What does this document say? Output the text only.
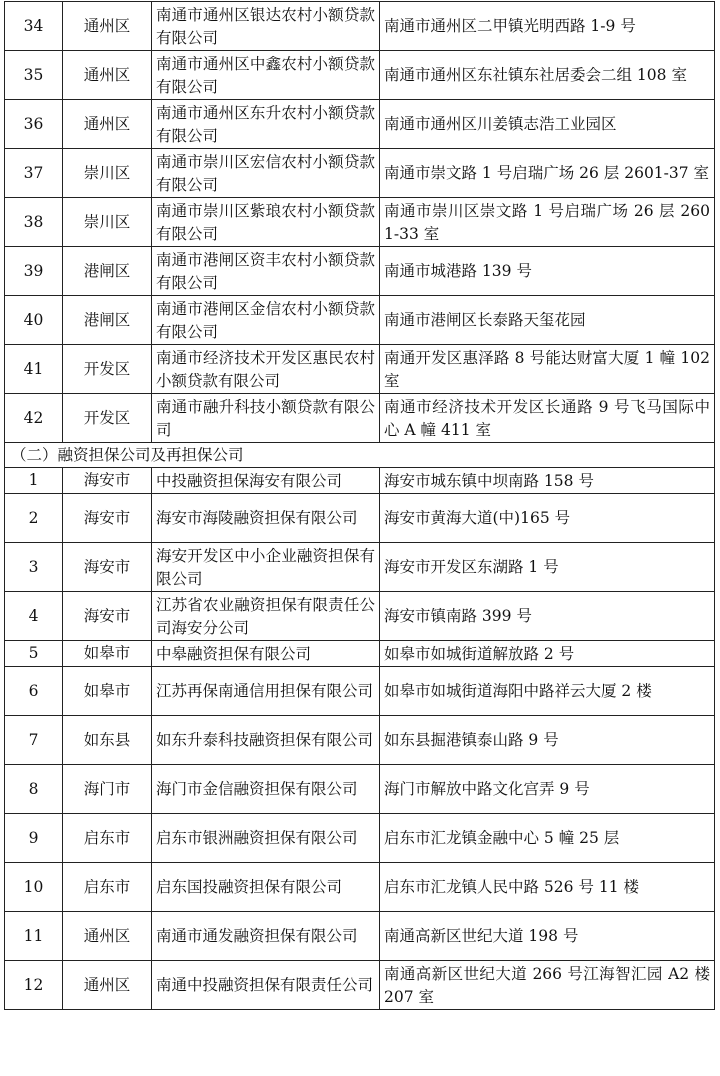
34	通州区	南通市通州区银达农村小额贷款有限公司	南通市通州区二甲镇光明西路 1-9 号
35	通州区	南通市通州区中鑫农村小额贷款有限公司	南通市通州区东社镇东社居委会二组 108 室
36	通州区	南通市通州区东升农村小额贷款有限公司	南通市通州区川姜镇志浩工业园区
37	崇川区	南通市崇川区宏信农村小额贷款有限公司	南通市崇文路 1 号启瑞广场 26 层 2601-37 室
38	崇川区	南通市崇川区紫琅农村小额贷款有限公司	南通市崇川区崇文路 1 号启瑞广场 26 层 2601-33 室
39	港闸区	南通市港闸区资丰农村小额贷款有限公司	南通市城港路 139 号
40	港闸区	南通市港闸区金信农村小额贷款有限公司	南通市港闸区长泰路天玺花园
41	开发区	南通市经济技术开发区惠民农村小额贷款有限公司	南通开发区惠泽路 8 号能达财富大厦 1 幢 102 室
42	开发区	南通市融升科技小额贷款有限公司	南通市经济技术开发区长通路 9 号飞马国际中心 A 幢 411 室
（二）融资担保公司及再担保公司			
1	海安市	中投融资担保海安有限公司	海安市城东镇中坝南路 158 号
2	海安市	海安市海陵融资担保有限公司	海安市黄海大道(中)165 号
3	海安市	海安开发区中小企业融资担保有限公司	海安市开发区东湖路 1 号
4	海安市	江苏省农业融资担保有限责任公司海安分公司	海安市镇南路 399 号
5	如皋市	中皋融资担保有限公司	如皋市如城街道解放路 2 号
6	如皋市	江苏再保南通信用担保有限公司	如皋市如城街道海阳中路祥云大厦 2 楼
7	如东县	如东升泰科技融资担保有限公司	如东县掘港镇泰山路 9 号
8	海门市	海门市金信融资担保有限公司	海门市解放中路文化宫弄 9 号
9	启东市	启东市银洲融资担保有限公司	启东市汇龙镇金融中心 5 幢 25 层
10	启东市	启东国投融资担保有限公司	启东市汇龙镇人民中路 526 号 11 楼
11	通州区	南通市通发融资担保有限公司	南通高新区世纪大道 198 号
12	通州区	南通中投融资担保有限责任公司	南通高新区世纪大道 266 号江海智汇园 A2 楼 207 室
